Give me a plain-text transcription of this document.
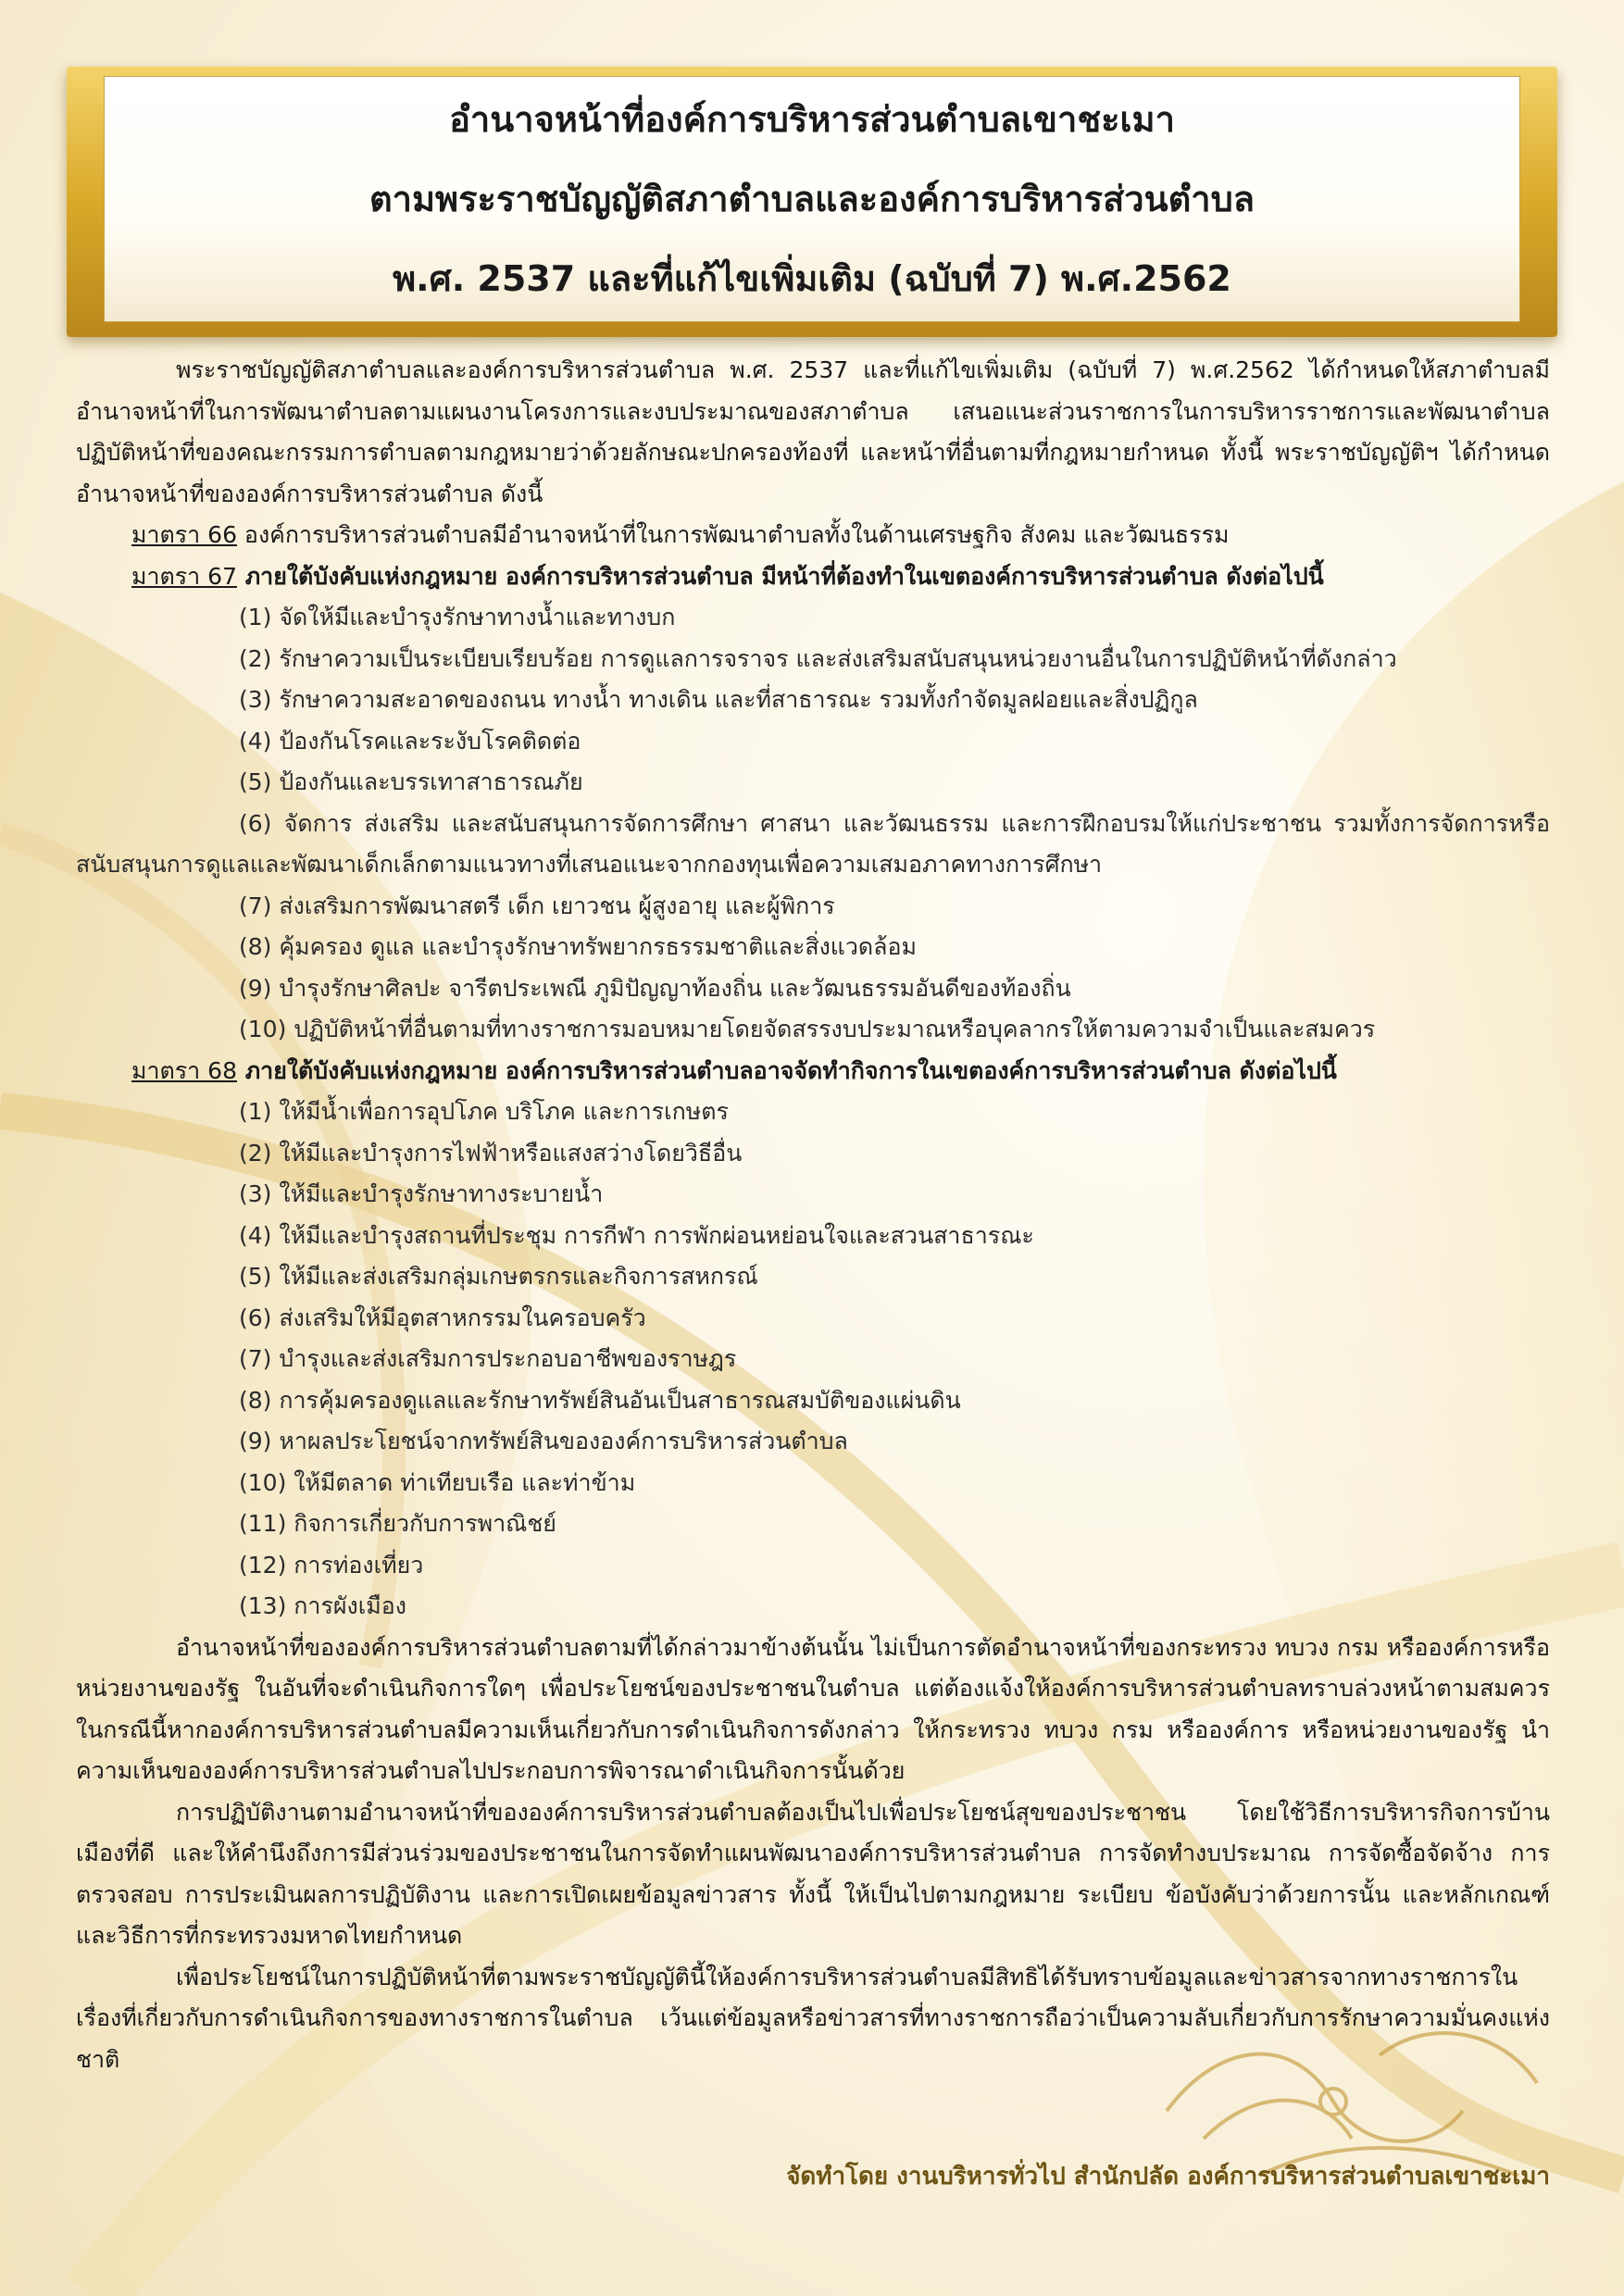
อำนาจหน้าที่องค์การบริหารส่วนตำบลเขาชะเมา
ตามพระราชบัญญัติสภาตำบลและองค์การบริหารส่วนตำบล
พ.ศ. 2537 และที่แก้ไขเพิ่มเติม (ฉบับที่ 7) พ.ศ.2562

พระราชบัญญัติสภาตำบลและองค์การบริหารส่วนตำบล พ.ศ. 2537 และที่แก้ไขเพิ่มเติม (ฉบับที่ 7) พ.ศ.2562 ได้กำหนดให้สภาตำบลมีอำนาจหน้าที่ในการพัฒนาตำบลตามแผนงานโครงการและงบประมาณของสภาตำบล เสนอแนะส่วนราชการในการบริหารราชการและพัฒนาตำบล ปฏิบัติหน้าที่ของคณะกรรมการตำบลตามกฎหมายว่าด้วยลักษณะปกครองท้องที่ และหน้าที่อื่นตามที่กฎหมายกำหนด ทั้งนี้ พระราชบัญญัติฯ ได้กำหนดอำนาจหน้าที่ขององค์การบริหารส่วนตำบล ดังนี้

มาตรา 66 องค์การบริหารส่วนตำบลมีอำนาจหน้าที่ในการพัฒนาตำบลทั้งในด้านเศรษฐกิจ สังคม และวัฒนธรรม

มาตรา 67 ภายใต้บังคับแห่งกฎหมาย องค์การบริหารส่วนตำบล มีหน้าที่ต้องทำในเขตองค์การบริหารส่วนตำบล ดังต่อไปนี้

(1) จัดให้มีและบำรุงรักษาทางน้ำและทางบก

(2) รักษาความเป็นระเบียบเรียบร้อย การดูแลการจราจร และส่งเสริมสนับสนุนหน่วยงานอื่นในการปฏิบัติหน้าที่ดังกล่าว

(3) รักษาความสะอาดของถนน ทางน้ำ ทางเดิน และที่สาธารณะ รวมทั้งกำจัดมูลฝอยและสิ่งปฏิกูล

(4) ป้องกันโรคและระงับโรคติดต่อ

(5) ป้องกันและบรรเทาสาธารณภัย

(6) จัดการ ส่งเสริม และสนับสนุนการจัดการศึกษา ศาสนา และวัฒนธรรม และการฝึกอบรมให้แก่ประชาชน รวมทั้งการจัดการหรือสนับสนุนการดูแลและพัฒนาเด็กเล็กตามแนวทางที่เสนอแนะจากกองทุนเพื่อความเสมอภาคทางการศึกษา

(7) ส่งเสริมการพัฒนาสตรี เด็ก เยาวชน ผู้สูงอายุ และผู้พิการ

(8) คุ้มครอง ดูแล และบำรุงรักษาทรัพยากรธรรมชาติและสิ่งแวดล้อม

(9) บำรุงรักษาศิลปะ จารีตประเพณี ภูมิปัญญาท้องถิ่น และวัฒนธรรมอันดีของท้องถิ่น

(10) ปฏิบัติหน้าที่อื่นตามที่ทางราชการมอบหมายโดยจัดสรรงบประมาณหรือบุคลากรให้ตามความจำเป็นและสมควร

มาตรา 68 ภายใต้บังคับแห่งกฎหมาย องค์การบริหารส่วนตำบลอาจจัดทำกิจการในเขตองค์การบริหารส่วนตำบล ดังต่อไปนี้

(1) ให้มีน้ำเพื่อการอุปโภค บริโภค และการเกษตร

(2) ให้มีและบำรุงการไฟฟ้าหรือแสงสว่างโดยวิธีอื่น

(3) ให้มีและบำรุงรักษาทางระบายน้ำ

(4) ให้มีและบำรุงสถานที่ประชุม การกีฬา การพักผ่อนหย่อนใจและสวนสาธารณะ

(5) ให้มีและส่งเสริมกลุ่มเกษตรกรและกิจการสหกรณ์

(6) ส่งเสริมให้มีอุตสาหกรรมในครอบครัว

(7) บำรุงและส่งเสริมการประกอบอาชีพของราษฎร

(8) การคุ้มครองดูแลและรักษาทรัพย์สินอันเป็นสาธารณสมบัติของแผ่นดิน

(9) หาผลประโยชน์จากทรัพย์สินขององค์การบริหารส่วนตำบล

(10) ให้มีตลาด ท่าเทียบเรือ และท่าข้าม

(11) กิจการเกี่ยวกับการพาณิชย์

(12) การท่องเที่ยว

(13) การผังเมือง

อำนาจหน้าที่ขององค์การบริหารส่วนตำบลตามที่ได้กล่าวมาข้างต้นนั้น ไม่เป็นการตัดอำนาจหน้าที่ของกระทรวง ทบวง กรม หรือองค์การหรือหน่วยงานของรัฐ ในอันที่จะดำเนินกิจการใดๆ เพื่อประโยชน์ของประชาชนในตำบล แต่ต้องแจ้งให้องค์การบริหารส่วนตำบลทราบล่วงหน้าตามสมควร ในกรณีนี้หากองค์การบริหารส่วนตำบลมีความเห็นเกี่ยวกับการดำเนินกิจการดังกล่าว ให้กระทรวง ทบวง กรม หรือองค์การ หรือหน่วยงานของรัฐ นำความเห็นขององค์การบริหารส่วนตำบลไปประกอบการพิจารณาดำเนินกิจการนั้นด้วย

การปฏิบัติงานตามอำนาจหน้าที่ขององค์การบริหารส่วนตำบลต้องเป็นไปเพื่อประโยชน์สุขของประชาชน โดยใช้วิธีการบริหารกิจการบ้านเมืองที่ดี และให้คำนึงถึงการมีส่วนร่วมของประชาชนในการจัดทำแผนพัฒนาองค์การบริหารส่วนตำบล การจัดทำงบประมาณ การจัดซื้อจัดจ้าง การตรวจสอบ การประเมินผลการปฏิบัติงาน และการเปิดเผยข้อมูลข่าวสาร ทั้งนี้ ให้เป็นไปตามกฎหมาย ระเบียบ ข้อบังคับว่าด้วยการนั้น และหลักเกณฑ์และวิธีการที่กระทรวงมหาดไทยกำหนด

เพื่อประโยชน์ในการปฏิบัติหน้าที่ตามพระราชบัญญัตินี้ให้องค์การบริหารส่วนตำบลมีสิทธิได้รับทราบข้อมูลและข่าวสารจากทางราชการในเรื่องที่เกี่ยวกับการดำเนินกิจการของทางราชการในตำบล เว้นแต่ข้อมูลหรือข่าวสารที่ทางราชการถือว่าเป็นความลับเกี่ยวกับการรักษาความมั่นคงแห่งชาติ

จัดทำโดย งานบริหารทั่วไป สำนักปลัด องค์การบริหารส่วนตำบลเขาชะเมา
